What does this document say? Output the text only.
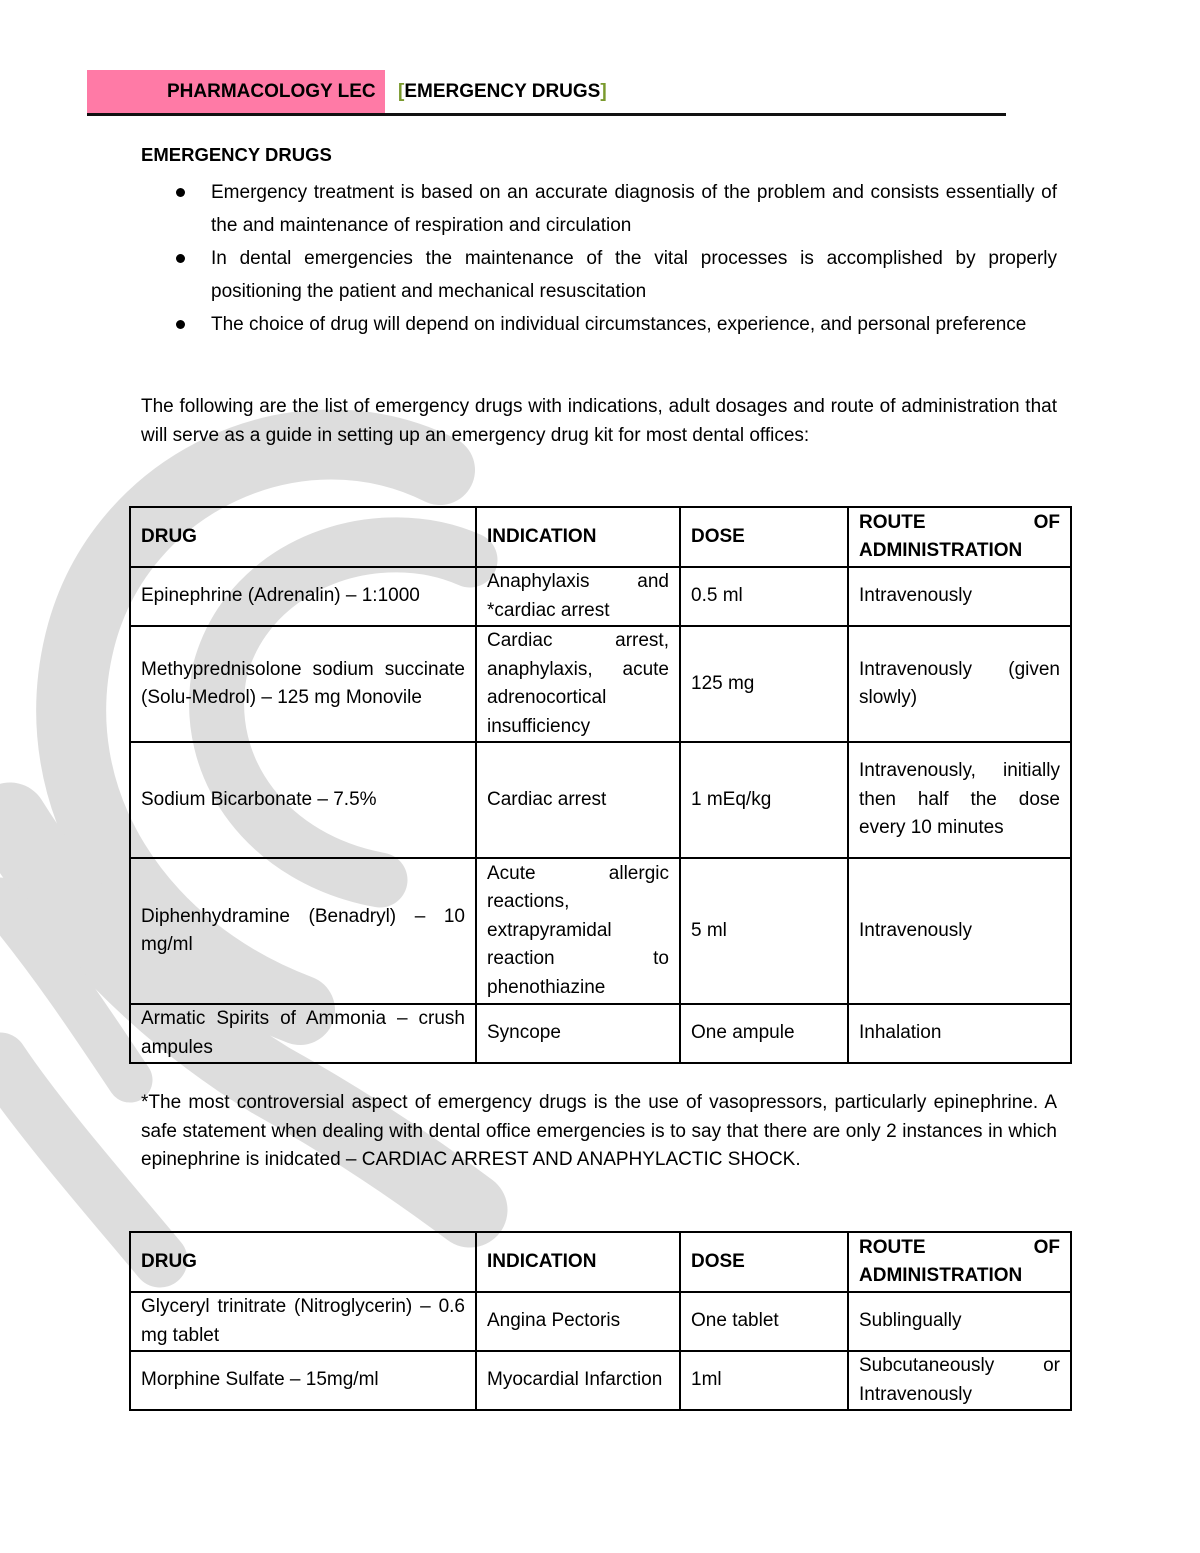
PHARMACOLOGY LEC [EMERGENCY DRUGS]
EMERGENCY DRUGS
Emergency treatment is based on an accurate diagnosis of the problem and consists essentially of the and maintenance of respiration and circulation
In dental emergencies the maintenance of the vital processes is accomplished by properly positioning the patient and mechanical resuscitation
The choice of drug will depend on individual circumstances, experience, and personal preference
The following are the list of emergency drugs with indications, adult dosages and route of administration that will serve as a guide in setting up an emergency drug kit for most dental offices:
DRUG	INDICATION	DOSE	ROUTE OF
ADMINISTRATION

Epinephrine (Adrenalin) – 1:1000	Anaphylaxis and *cardiac arrest	0.5 ml	Intravenously
Methyprednisolone sodium succinate (Solu-Medrol) – 125 mg Monovile	Cardiac arrest, anaphylaxis, acute adrenocortical insufficiency	125 mg	Intravenously (given slowly)
Sodium Bicarbonate – 7.5%	Cardiac arrest	1 mEq/kg	Intravenously, initially then half the dose every 10 minutes
Diphenhydramine (Benadryl) – 10 mg/ml	Acute allergic reactions, extrapyramidal reaction to phenothiazine	5 ml	Intravenously
Armatic Spirits of Ammonia – crush ampules	Syncope	One ampule	Inhalation
*The most controversial aspect of emergency drugs is the use of vasopressors, particularly epinephrine. A safe statement when dealing with dental office emergencies is to say that there are only 2 instances in which epinephrine is inidcated – CARDIAC ARREST AND ANAPHYLACTIC SHOCK.
DRUG	INDICATION	DOSE	ROUTE OF
ADMINISTRATION

Glyceryl trinitrate (Nitroglycerin) – 0.6 mg tablet	Angina Pectoris	One tablet	Sublingually
Morphine Sulfate – 15mg/ml	Myocardial Infarction	1ml	Subcutaneously or Intravenously
